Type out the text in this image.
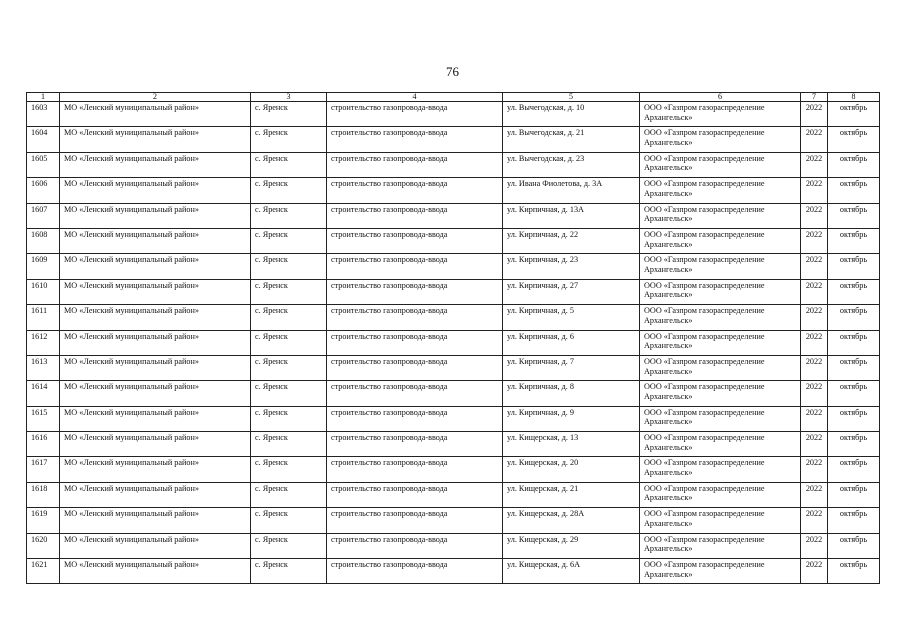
76
1	2	3	4	5	6	7	8
1603	МО «Ленский муниципальный район»	с. Яренск	строительство газопровода-ввода	ул. Вычегодская, д. 10	ООО «Газпром газораспределение Архангельск»	2022	октябрь
1604	МО «Ленский муниципальный район»	с. Яренск	строительство газопровода-ввода	ул. Вычегодская, д. 21	ООО «Газпром газораспределение Архангельск»	2022	октябрь
1605	МО «Ленский муниципальный район»	с. Яренск	строительство газопровода-ввода	ул. Вычегодская, д. 23	ООО «Газпром газораспределение Архангельск»	2022	октябрь
1606	МО «Ленский муниципальный район»	с. Яренск	строительство газопровода-ввода	ул. Ивана Фиолетова, д. 3А	ООО «Газпром газораспределение Архангельск»	2022	октябрь
1607	МО «Ленский муниципальный район»	с. Яренск	строительство газопровода-ввода	ул. Кирпичная, д. 13А	ООО «Газпром газораспределение Архангельск»	2022	октябрь
1608	МО «Ленский муниципальный район»	с. Яренск	строительство газопровода-ввода	ул. Кирпичная, д. 22	ООО «Газпром газораспределение Архангельск»	2022	октябрь
1609	МО «Ленский муниципальный район»	с. Яренск	строительство газопровода-ввода	ул. Кирпичная, д. 23	ООО «Газпром газораспределение Архангельск»	2022	октябрь
1610	МО «Ленский муниципальный район»	с. Яренск	строительство газопровода-ввода	ул. Кирпичная, д. 27	ООО «Газпром газораспределение Архангельск»	2022	октябрь
1611	МО «Ленский муниципальный район»	с. Яренск	строительство газопровода-ввода	ул. Кирпичная, д. 5	ООО «Газпром газораспределение Архангельск»	2022	октябрь
1612	МО «Ленский муниципальный район»	с. Яренск	строительство газопровода-ввода	ул. Кирпичная, д. 6	ООО «Газпром газораспределение Архангельск»	2022	октябрь
1613	МО «Ленский муниципальный район»	с. Яренск	строительство газопровода-ввода	ул. Кирпичная, д. 7	ООО «Газпром газораспределение Архангельск»	2022	октябрь
1614	МО «Ленский муниципальный район»	с. Яренск	строительство газопровода-ввода	ул. Кирпичная, д. 8	ООО «Газпром газораспределение Архангельск»	2022	октябрь
1615	МО «Ленский муниципальный район»	с. Яренск	строительство газопровода-ввода	ул. Кирпичная, д. 9	ООО «Газпром газораспределение Архангельск»	2022	октябрь
1616	МО «Ленский муниципальный район»	с. Яренск	строительство газопровода-ввода	ул. Кищерская, д. 13	ООО «Газпром газораспределение Архангельск»	2022	октябрь
1617	МО «Ленский муниципальный район»	с. Яренск	строительство газопровода-ввода	ул. Кищерская, д. 20	ООО «Газпром газораспределение Архангельск»	2022	октябрь
1618	МО «Ленский муниципальный район»	с. Яренск	строительство газопровода-ввода	ул. Кищерская, д. 21	ООО «Газпром газораспределение Архангельск»	2022	октябрь
1619	МО «Ленский муниципальный район»	с. Яренск	строительство газопровода-ввода	ул. Кищерская, д. 28А	ООО «Газпром газораспределение Архангельск»	2022	октябрь
1620	МО «Ленский муниципальный район»	с. Яренск	строительство газопровода-ввода	ул. Кищерская, д. 29	ООО «Газпром газораспределение Архангельск»	2022	октябрь
1621	МО «Ленский муниципальный район»	с. Яренск	строительство газопровода-ввода	ул. Кищерская, д. 6А	ООО «Газпром газораспределение Архангельск»	2022	октябрь
